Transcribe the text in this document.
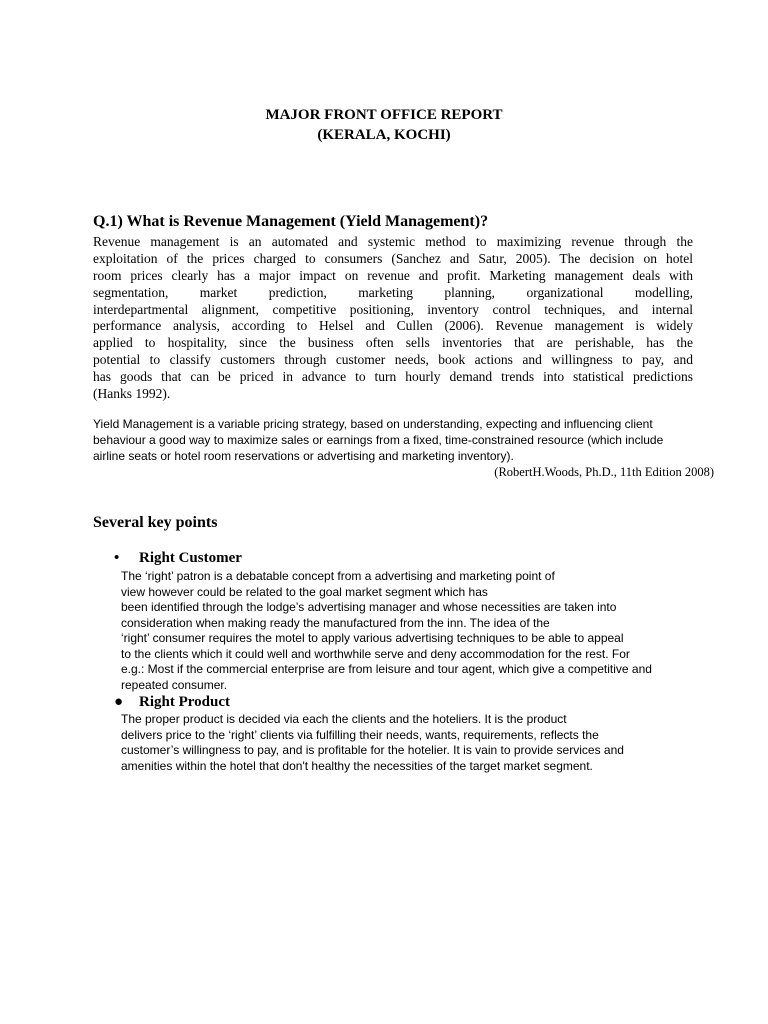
MAJOR FRONT OFFICE REPORT
(KERALA, KOCHI)
Q.1) What is Revenue Management (Yield Management)?
Revenue management is an automated and systemic method to maximizing revenue through the
exploitation of the prices charged to consumers (Sanchez and Satır, 2005). The decision on hotel
room prices clearly has a major impact on revenue and profit. Marketing management deals with
segmentation, market prediction, marketing planning, organizational modelling,
interdepartmental alignment, competitive positioning, inventory control techniques, and internal
performance analysis, according to Helsel and Cullen (2006). Revenue management is widely
applied to hospitality, since the business often sells inventories that are perishable, has the
potential to classify customers through customer needs, book actions and willingness to pay, and
has goods that can be priced in advance to turn hourly demand trends into statistical predictions
(Hanks 1992).
Yield Management is a variable pricing strategy, based on understanding, expecting and influencing client
behaviour a good way to maximize sales or earnings from a fixed, time-constrained resource (which include
airline seats or hotel room reservations or advertising and marketing inventory).
(RobertH.Woods, Ph.D., 11th Edition 2008)
Several key points
• Right Customer
The ‘right’ patron is a debatable concept from a advertising and marketing point of
view however could be related to the goal market segment which has
been identified through the lodge’s advertising manager and whose necessities are taken into
consideration when making ready the manufactured from the inn. The idea of the
‘right’ consumer requires the motel to apply various advertising techniques to be able to appeal
to the clients which it could well and worthwhile serve and deny accommodation for the rest. For
e.g.: Most if the commercial enterprise are from leisure and tour agent, which give a competitive and
repeated consumer.
● Right Product
The proper product is decided via each the clients and the hoteliers. It is the product
delivers price to the ‘right’ clients via fulfilling their needs, wants, requirements, reflects the
customer’s willingness to pay, and is profitable for the hotelier. It is vain to provide services and
amenities within the hotel that don't healthy the necessities of the target market segment.
